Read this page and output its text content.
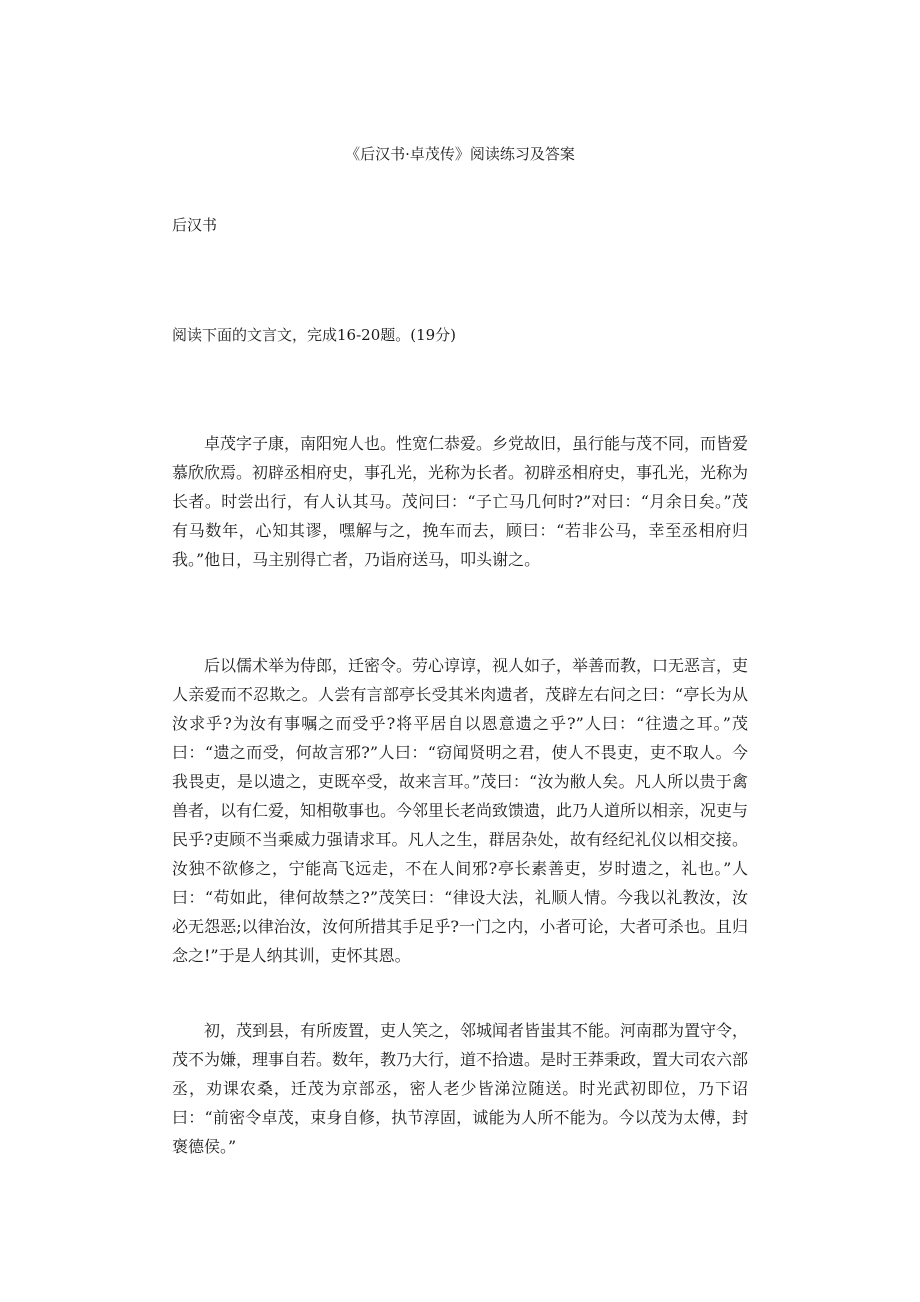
《后汉书·卓茂传》阅读练习及答案

后汉书

阅读下面的文言文，完成16-20题。(19分)

卓茂字子康，南阳宛人也。性宽仁恭爱。乡党故旧，虽行能与茂不同，而皆爱慕欣欣焉。初辟丞相府史，事孔光，光称为长者。初辟丞相府史，事孔光，光称为长者。时尝出行，有人认其马。茂问曰：“子亡马几何时?”对曰：“月余日矣。”茂有马数年，心知其谬，嘿解与之，挽车而去，顾曰：“若非公马，幸至丞相府归我。”他日，马主别得亡者，乃诣府送马，叩头谢之。

后以儒术举为侍郎，迁密令。劳心谆谆，视人如子，举善而教，口无恶言，吏人亲爱而不忍欺之。人尝有言部亭长受其米肉遗者，茂辟左右问之曰：“亭长为从汝求乎?为汝有事嘱之而受乎?将平居自以恩意遗之乎?”人曰：“往遗之耳。”茂曰：“遗之而受，何故言邪?”人曰：“窃闻贤明之君，使人不畏吏，吏不取人。今我畏吏，是以遗之，吏既卒受，故来言耳。”茂曰：“汝为敝人矣。凡人所以贵于禽兽者，以有仁爱，知相敬事也。今邻里长老尚致馈遗，此乃人道所以相亲，况吏与民乎?吏顾不当乘威力强请求耳。凡人之生，群居杂处，故有经纪礼仪以相交接。汝独不欲修之，宁能高飞远走，不在人间邪?亭长素善吏，岁时遗之，礼也。”人曰：“苟如此，律何故禁之?”茂笑曰：“律设大法，礼顺人情。今我以礼教汝，汝必无怨恶;以律治汝，汝何所措其手足乎?一门之内，小者可论，大者可杀也。且归念之!”于是人纳其训，吏怀其恩。

初，茂到县，有所废置，吏人笑之，邻城闻者皆蚩其不能。河南郡为置守令，茂不为嫌，理事自若。数年，教乃大行，道不拾遗。是时王莽秉政，置大司农六部丞，劝课农桑，迁茂为京部丞，密人老少皆涕泣随送。时光武初即位，乃下诏曰：“前密令卓茂，束身自修，执节淳固，诚能为人所不能为。今以茂为太傅，封褒德侯。”
